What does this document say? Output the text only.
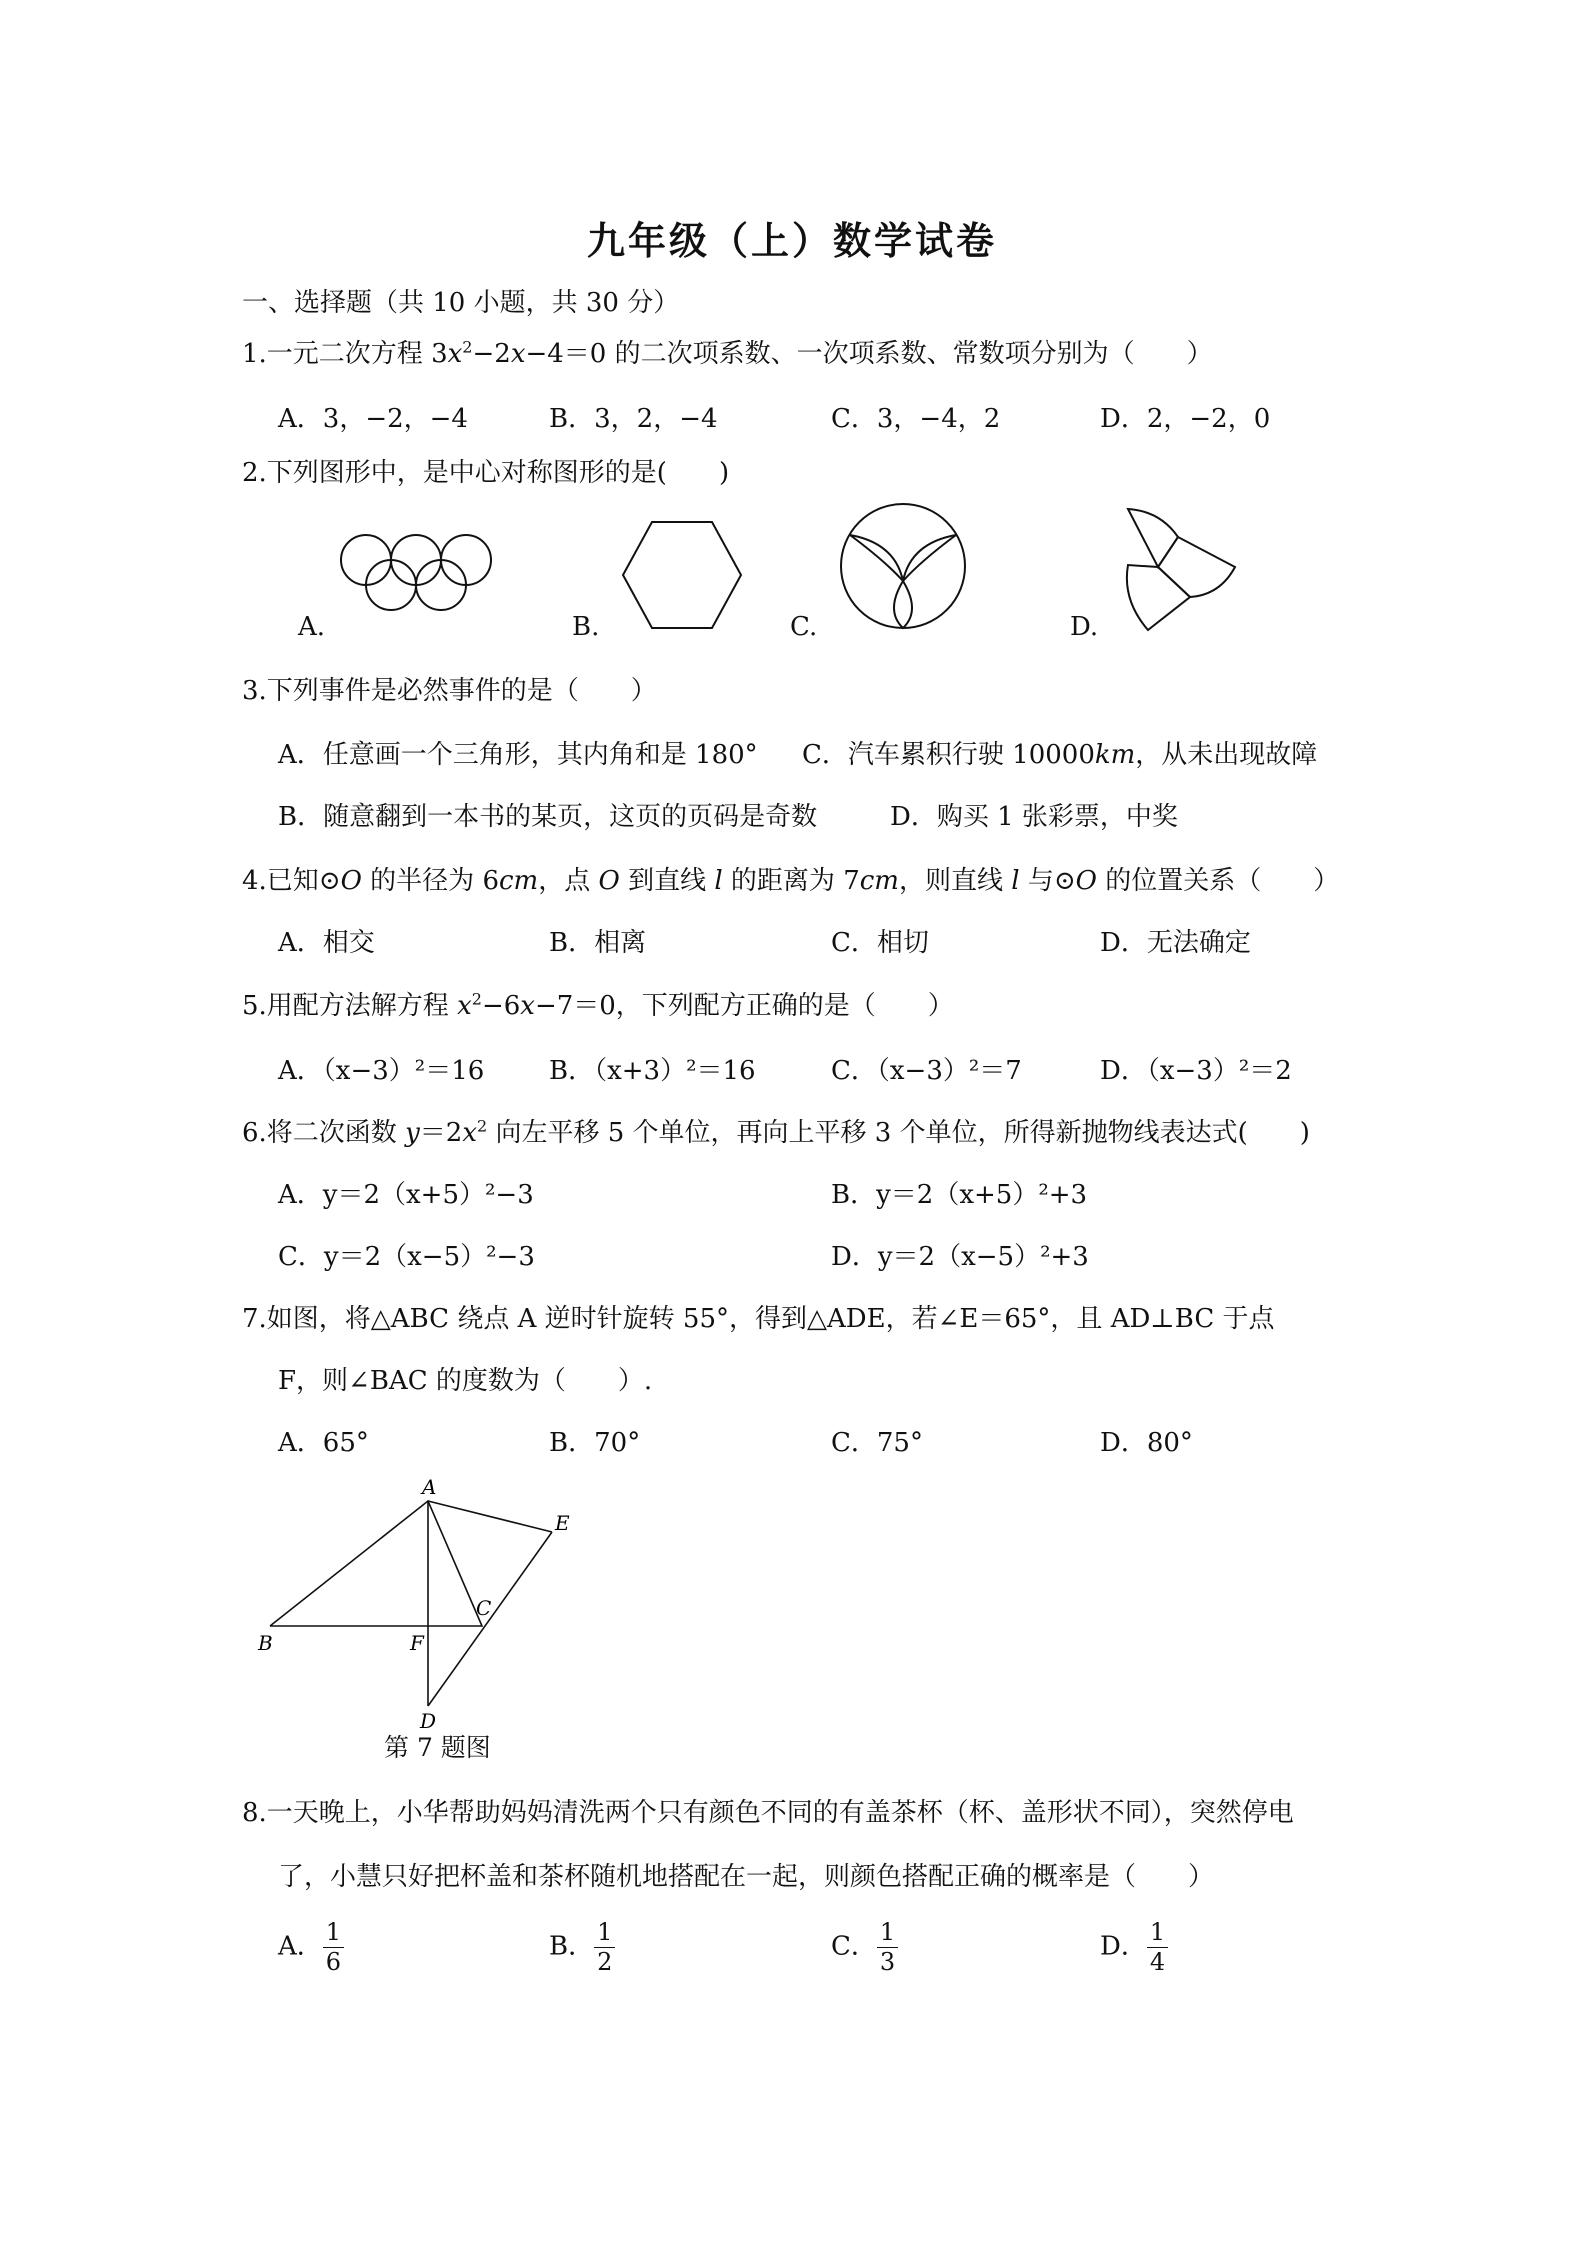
九年级（上）数学试卷
一、选择题（共 10 小题，共 30 分）
1.一元二次方程 $3x^2-2x-4=0$ 的二次项系数、一次项系数、常数项分别为（　　）
A．3，−2，−4	B．3，2，−4	C．3，−4，2	D．2，−2，0
2.下列图形中，是中心对称图形的是(　　)
A.	B.	C.	D.
3.下列事件是必然事件的是（　　）
A．任意画一个三角形，其内角和是 180° C．汽车累积行驶 10000km，从未出现故障
B．随意翻到一本书的某页，这页的页码是奇数	D．购买 1 张彩票，中奖
4.已知⊙O 的半径为 6cm，点 O 到直线 l 的距离为 7cm，则直线 l 与⊙O 的位置关系（　　）
A．相交	B．相离	C．相切	D．无法确定
5.用配方法解方程 $x^2-6x-7=0$，下列配方正确的是（　　）
A．（x−3）²＝16 B．（x+3）²＝16	C．（x−3）²＝7	D．（x−3）²＝2
6.将二次函数 $y=2x^2$ 向左平移 5 个单位，再向上平移 3 个单位，所得新抛物线表达式(　　)
A．y＝2（x+5）²−3	B．y＝2（x+5）²+3
C．y＝2（x−5）²−3	D．y＝2（x−5）²+3
7.如图，将△ABC 绕点 A 逆时针旋转 55°，得到△ADE，若∠E＝65°，且 AD⊥BC 于点
F，则∠BAC 的度数为（　　）.
A．65°	B．70°	C．75°	D．80°
A
E
C
B	F
D
第 7 题图
8.一天晚上，小华帮助妈妈清洗两个只有颜色不同的有盖茶杯（杯、盖形状不同），突然停电
了，小慧只好把杯盖和茶杯随机地搭配在一起，则颜色搭配正确的概率是（　　）
A． $\frac{1}{6}$	B． $\frac{1}{2}$	C． $\frac{1}{3}$	D． $\frac{1}{4}$
